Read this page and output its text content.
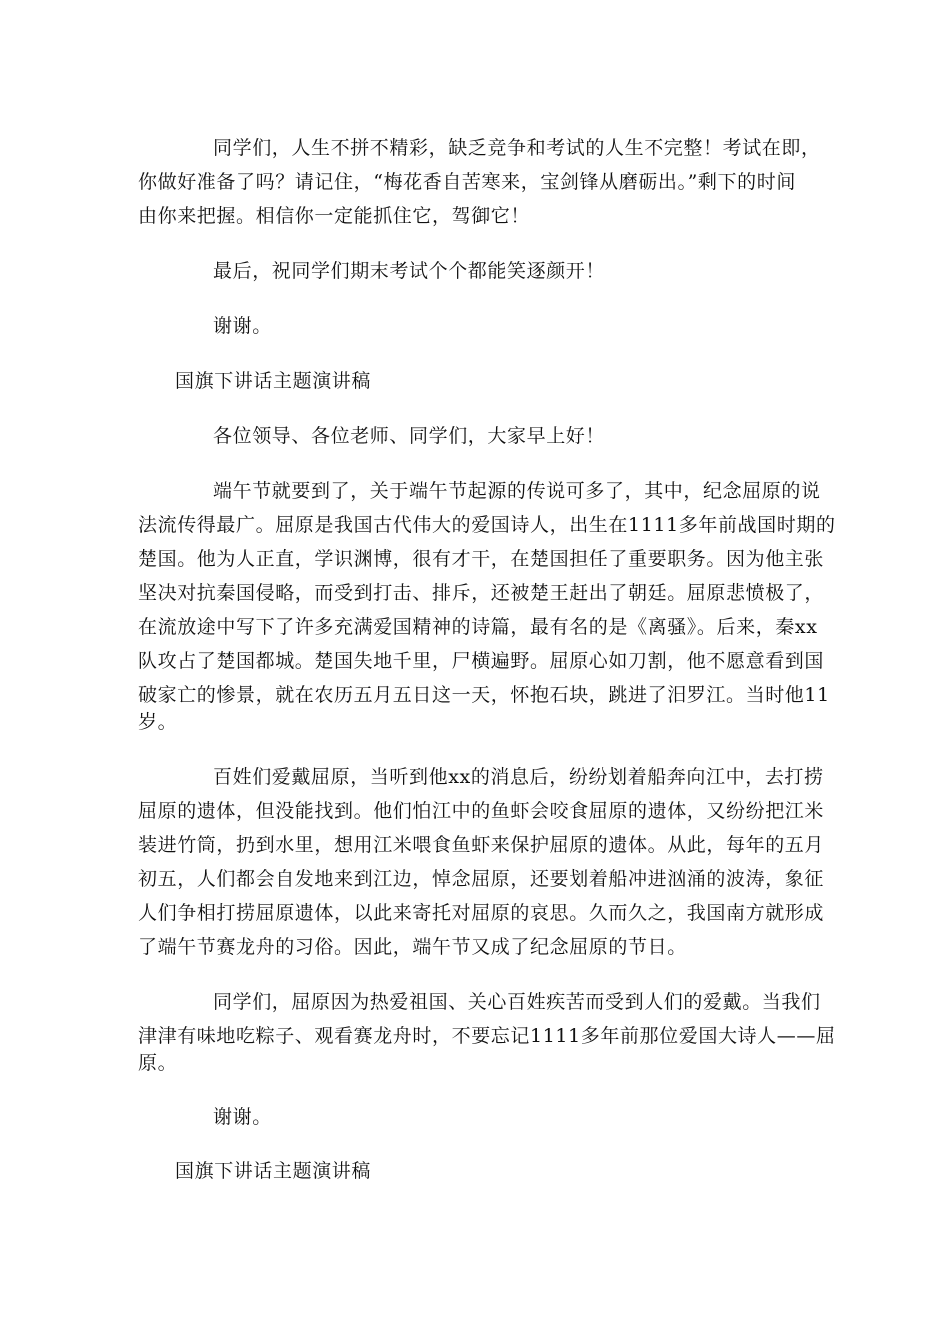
同学们，人生不拼不精彩，缺乏竞争和考试的人生不完整！考试在即，

你做好准备了吗？请记住，“梅花香自苦寒来，宝剑锋从磨砺出。”剩下的时间

由你来把握。相信你一定能抓住它，驾御它！

最后，祝同学们期末考试个个都能笑逐颜开！

谢谢。

国旗下讲话主题演讲稿

各位领导、各位老师、同学们，大家早上好！

端午节就要到了，关于端午节起源的传说可多了，其中，纪念屈原的说

法流传得最广。屈原是我国古代伟大的爱国诗人，出生在1111多年前战国时期的

楚国。他为人正直，学识渊博，很有才干，在楚国担任了重要职务。因为他主张

坚决对抗秦国侵略，而受到打击、排斥，还被楚王赶出了朝廷。屈原悲愤极了，

在流放途中写下了许多充满爱国精神的诗篇，最有名的是《离骚》。后来，秦xx

队攻占了楚国都城。楚国失地千里，尸横遍野。屈原心如刀割，他不愿意看到国

破家亡的惨景，就在农历五月五日这一天，怀抱石块，跳进了汨罗江。当时他11

岁。

百姓们爱戴屈原，当听到他xx的消息后，纷纷划着船奔向江中，去打捞

屈原的遗体，但没能找到。他们怕江中的鱼虾会咬食屈原的遗体，又纷纷把江米

装进竹筒，扔到水里，想用江米喂食鱼虾来保护屈原的遗体。从此，每年的五月

初五，人们都会自发地来到江边，悼念屈原，还要划着船冲进汹涌的波涛，象征

人们争相打捞屈原遗体，以此来寄托对屈原的哀思。久而久之，我国南方就形成

了端午节赛龙舟的习俗。因此，端午节又成了纪念屈原的节日。

同学们，屈原因为热爱祖国、关心百姓疾苦而受到人们的爱戴。当我们

津津有味地吃粽子、观看赛龙舟时，不要忘记1111多年前那位爱国大诗人——屈

原。

谢谢。

国旗下讲话主题演讲稿
